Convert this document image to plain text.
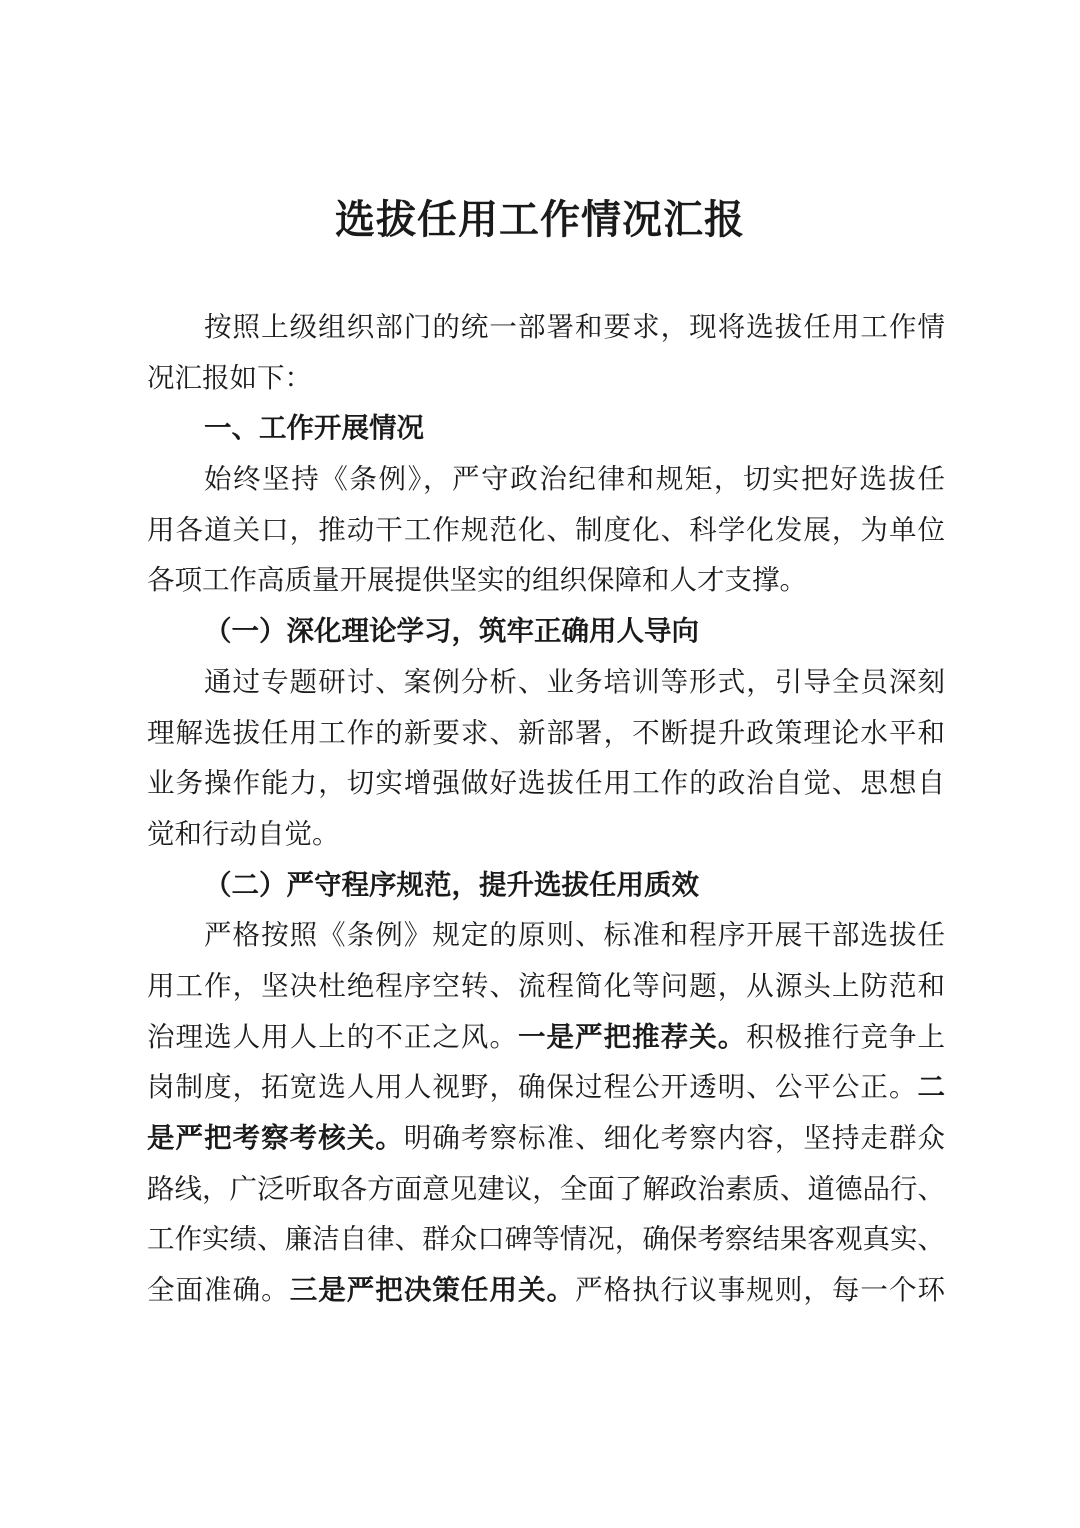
选拔任用工作情况汇报
按照上级组织部门的统一部署和要求，现将选拔任用工作情
况汇报如下：
一、工作开展情况
始终坚持《条例》，严守政治纪律和规矩，切实把好选拔任
用各道关口，推动干工作规范化、制度化、科学化发展，为单位
各项工作高质量开展提供坚实的组织保障和人才支撑。
（一）深化理论学习，筑牢正确用人导向
通过专题研讨、案例分析、业务培训等形式，引导全员深刻
理解选拔任用工作的新要求、新部署，不断提升政策理论水平和
业务操作能力，切实增强做好选拔任用工作的政治自觉、思想自
觉和行动自觉。
（二）严守程序规范，提升选拔任用质效
严格按照《条例》规定的原则、标准和程序开展干部选拔任
用工作，坚决杜绝程序空转、流程简化等问题，从源头上防范和
治理选人用人上的不正之风。一是严把推荐关。积极推行竞争上
岗制度，拓宽选人用人视野，确保过程公开透明、公平公正。二
是严把考察考核关。明确考察标准、细化考察内容，坚持走群众
路线，广泛听取各方面意见建议，全面了解政治素质、道德品行、
工作实绩、廉洁自律、群众口碑等情况，确保考察结果客观真实、
全面准确。三是严把决策任用关。严格执行议事规则，每一个环
